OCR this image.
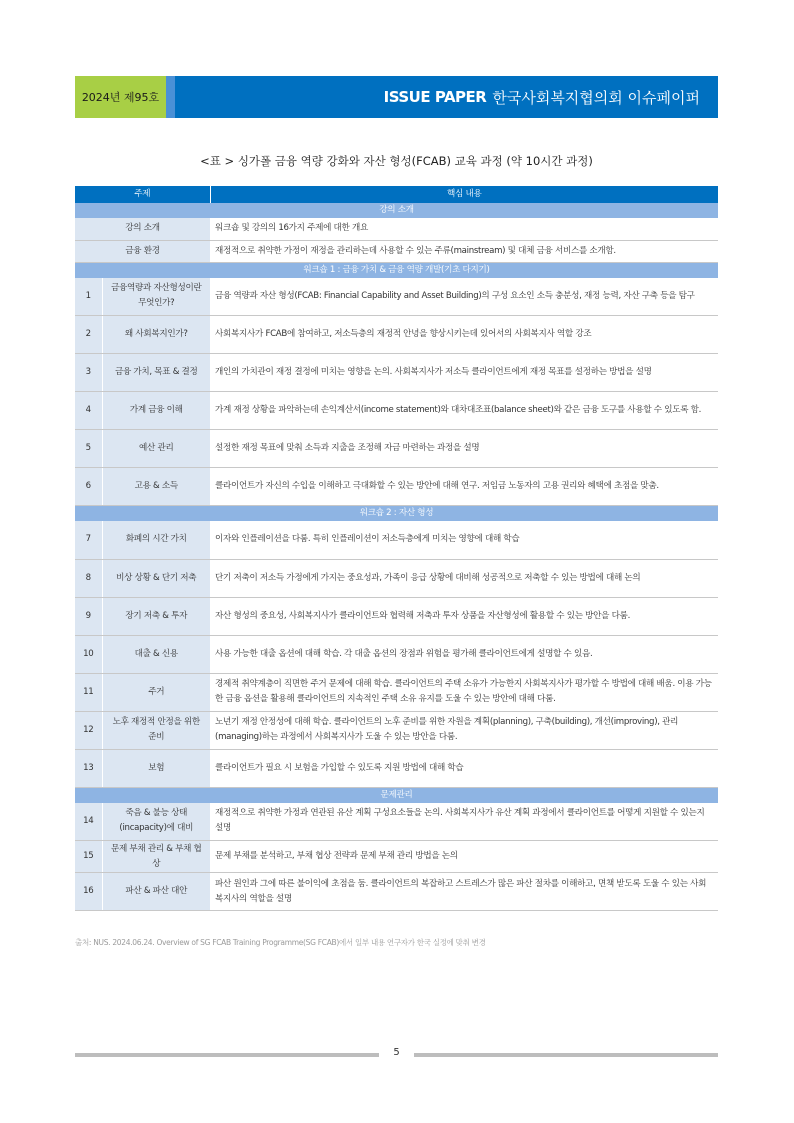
2024년 제95호	ISSUE PAPER 한국사회복지협의회 이슈페이퍼
<표 > 싱가폴 금융 역량 강화와 자산 형성(FCAB) 교육 과정 (약 10시간 과정)
주제		핵심 내용
강의 소개		
강의 소개		워크숍 및 강의의 16가지 주제에 대한 개요
금융 환경		재정적으로 취약한 가정이 재정을 관리하는데 사용할 수 있는 주류(mainstream) 및 대체 금융 서비스를 소개함.
워크숍 1 : 금융 가치 & 금융 역량 개발(기초 다지기)		
1	금융역량과 자산형성이란 무엇인가?	금융 역량과 자산 형성(FCAB: Financial Capability and Asset Building)의 구성 요소인 소득 충분성, 재정 능력, 자산 구축 등을 탐구
2	왜 사회복지인가?	사회복지사가 FCAB에 참여하고, 저소득층의 재정적 안녕을 향상시키는데 있어서의 사회복지사 역할 강조
3	금융 가치, 목표 & 결정	개인의 가치관이 재정 결정에 미치는 영향을 논의. 사회복지사가 저소득 클라이언트에게 재정 목표를 설정하는 방법을 설명
4	가계 금융 이해	가계 재정 상황을 파악하는데 손익계산서(income statement)와 대차대조표(balance sheet)와 같은 금융 도구를 사용할 수 있도록 함.
5	예산 관리	설정한 재정 목표에 맞춰 소득과 지출을 조정해 자금 마련하는 과정을 설명
6	고용 & 소득	클라이언트가 자신의 수입을 이해하고 극대화할 수 있는 방안에 대해 연구. 저임금 노동자의 고용 권리와 혜택에 초점을 맞춤.
워크숍 2 : 자산 형성		
7	화폐의 시간 가치	이자와 인플레이션을 다룸. 특히 인플레이션이 저소득층에게 미치는 영향에 대해 학습
8	비상 상황 & 단기 저축	단기 저축이 저소득 가정에게 가지는 중요성과, 가족이 응급 상황에 대비해 성공적으로 저축할 수 있는 방법에 대해 논의
9	장기 저축 & 투자	자산 형성의 중요성, 사회복지사가 클라이언트와 협력해 저축과 투자 상품을 자산형성에 활용할 수 있는 방안을 다룸.
10	대출 & 신용	사용 가능한 대출 옵션에 대해 학습. 각 대출 옵션의 장점과 위험을 평가해 클라이언트에게 설명할 수 있음.
11	주거	경제적 취약계층이 직면한 주거 문제에 대해 학습. 클라이언트의 주택 소유가 가능한지 사회복지사가 평가할 수 방법에 대해 배움. 이용 가능한 금융 옵션을 활용해 클라이언트의 지속적인 주택 소유 유지를 도울 수 있는 방안에 대해 다룸.
12	노후 재정적 안정을 위한 준비	노년기 재정 안정성에 대해 학습. 클라이언트의 노후 준비를 위한 자원을 계획(planning), 구축(building), 개선(improving), 관리(managing)하는 과정에서 사회복지사가 도울 수 있는 방안을 다룸.
13	보험	클라이언트가 필요 시 보험을 가입할 수 있도록 지원 방법에 대해 학습
문제관리		
14	죽음 & 불능 상태(incapacity)에 대비	재정적으로 취약한 가정과 연관된 유산 계획 구성요소들을 논의. 사회복지사가 유산 계획 과정에서 클라이언트를 어떻게 지원할 수 있는지 설명
15	문제 부채 관리 & 부채 협상	문제 부채를 분석하고, 부채 협상 전략과 문제 부채 관리 방법을 논의
16	파산 & 파산 대안	파산 원인과 그에 따른 불이익에 초점을 둠. 클라이언트의 복잡하고 스트레스가 많은 파산 절차를 이해하고, 면책 받도록 도울 수 있는 사회복지사의 역할을 설명
출처: NUS. 2024.06.24. Overview of SG FCAB Training Programme(SG FCAB)에서 일부 내용 연구자가 한국 실정에 맞춰 변경
5
